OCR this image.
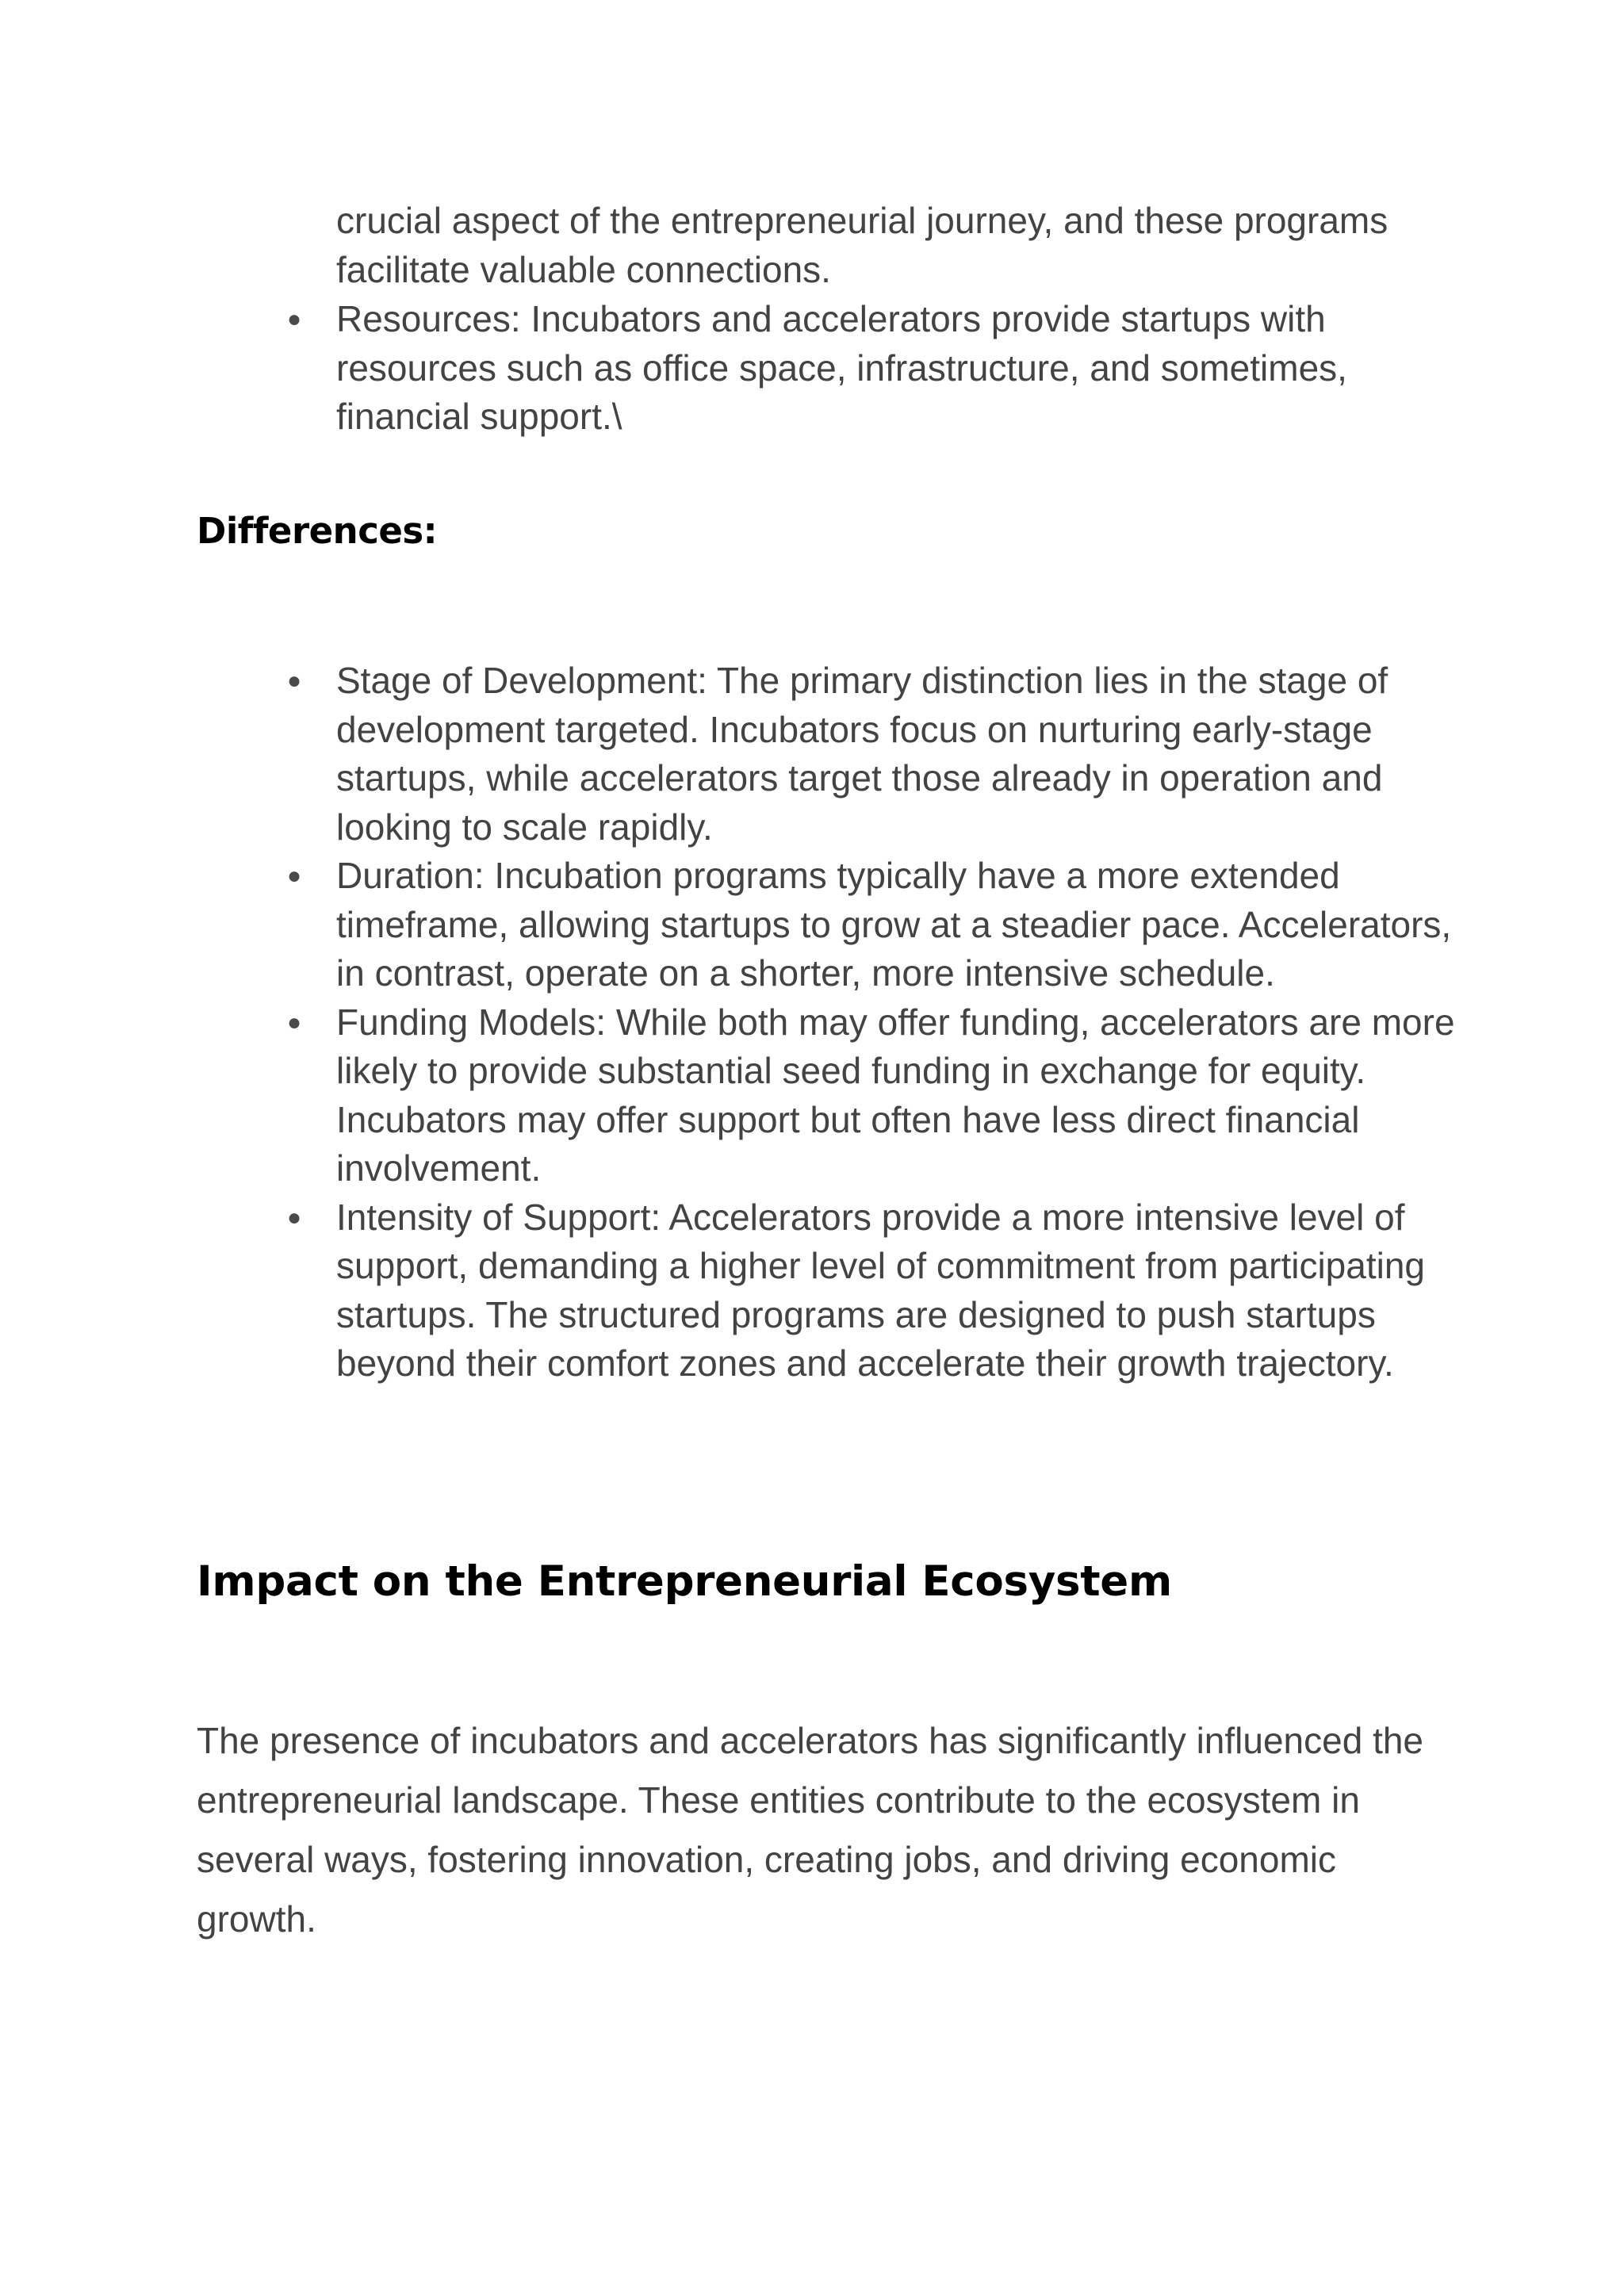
crucial aspect of the entrepreneurial journey, and these programs facilitate valuable connections.

● Resources: Incubators and accelerators provide startups with resources such as office space, infrastructure, and sometimes, financial support.\
Differences:
● Stage of Development: The primary distinction lies in the stage of development targeted. Incubators focus on nurturing early-stage startups, while accelerators target those already in operation and looking to scale rapidly.
● Duration: Incubation programs typically have a more extended timeframe, allowing startups to grow at a steadier pace. Accelerators, in contrast, operate on a shorter, more intensive schedule.
● Funding Models: While both may offer funding, accelerators are more likely to provide substantial seed funding in exchange for equity. Incubators may offer support but often have less direct financial involvement.
● Intensity of Support: Accelerators provide a more intensive level of support, demanding a higher level of commitment from participating startups. The structured programs are designed to push startups beyond their comfort zones and accelerate their growth trajectory.
Impact on the Entrepreneurial Ecosystem

The presence of incubators and accelerators has significantly influenced the entrepreneurial landscape. These entities contribute to the ecosystem in several ways, fostering innovation, creating jobs, and driving economic growth.
